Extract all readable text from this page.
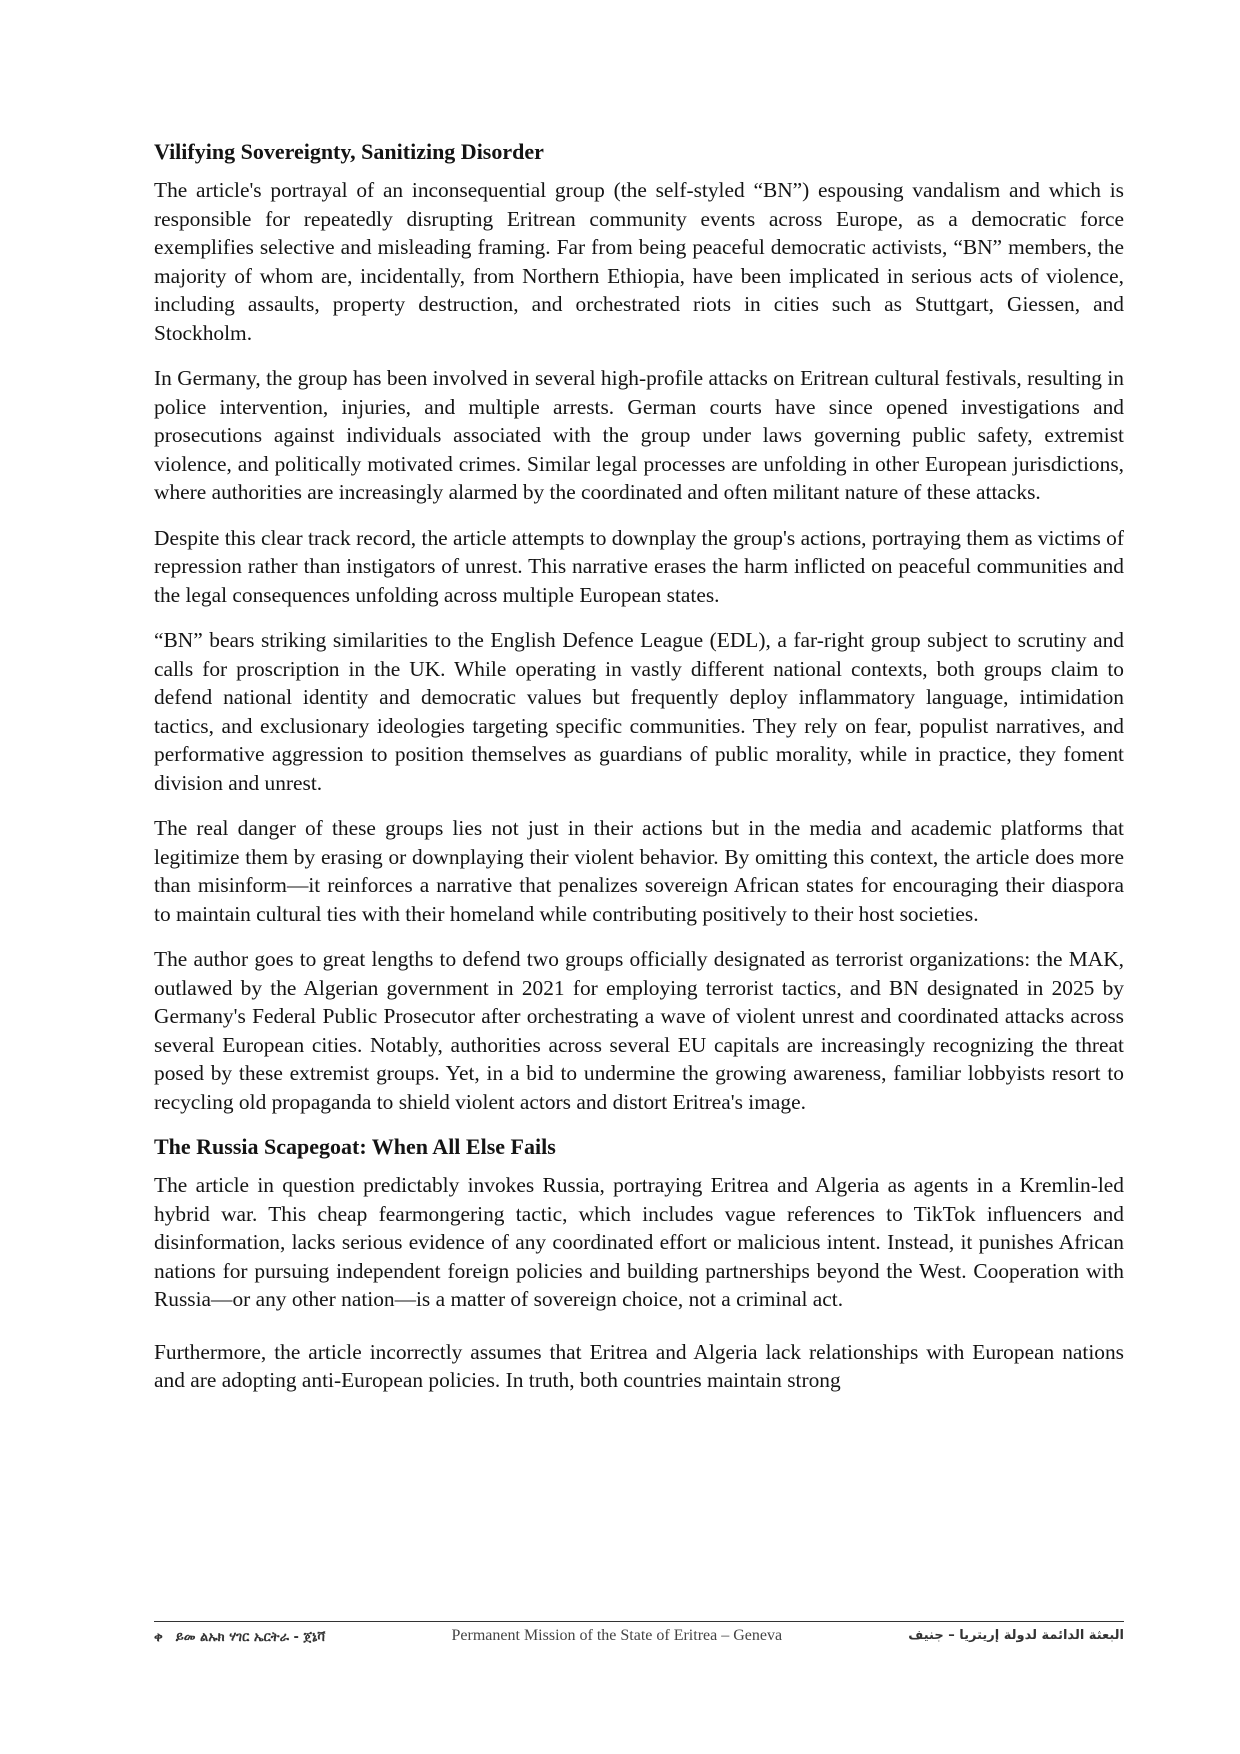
Vilifying Sovereignty, Sanitizing Disorder

The article's portrayal of an inconsequential group (the self-styled “BN”) espousing vandalism and which is responsible for repeatedly disrupting Eritrean community events across Europe, as a democratic force exemplifies selective and misleading framing. Far from being peaceful democratic activists, “BN” members, the majority of whom are, incidentally, from Northern Ethiopia, have been implicated in serious acts of violence, including assaults, property destruction, and orchestrated riots in cities such as Stuttgart, Giessen, and Stockholm.

In Germany, the group has been involved in several high-profile attacks on Eritrean cultural festivals, resulting in police intervention, injuries, and multiple arrests. German courts have since opened investigations and prosecutions against individuals associated with the group under laws governing public safety, extremist violence, and politically motivated crimes. Similar legal processes are unfolding in other European jurisdictions, where authorities are increasingly alarmed by the coordinated and often militant nature of these attacks.

Despite this clear track record, the article attempts to downplay the group's actions, portraying them as victims of repression rather than instigators of unrest. This narrative erases the harm inflicted on peaceful communities and the legal consequences unfolding across multiple European states.

“BN” bears striking similarities to the English Defence League (EDL), a far-right group subject to scrutiny and calls for proscription in the UK. While operating in vastly different national contexts, both groups claim to defend national identity and democratic values but frequently deploy inflammatory language, intimidation tactics, and exclusionary ideologies targeting specific communities. They rely on fear, populist narratives, and performative aggression to position themselves as guardians of public morality, while in practice, they foment division and unrest.

The real danger of these groups lies not just in their actions but in the media and academic platforms that legitimize them by erasing or downplaying their violent behavior. By omitting this context, the article does more than misinform—it reinforces a narrative that penalizes sovereign African states for encouraging their diaspora to maintain cultural ties with their homeland while contributing positively to their host societies.

The author goes to great lengths to defend two groups officially designated as terrorist organizations: the MAK, outlawed by the Algerian government in 2021 for employing terrorist tactics, and BN designated in 2025 by Germany's Federal Public Prosecutor after orchestrating a wave of violent unrest and coordinated attacks across several European cities. Notably, authorities across several EU capitals are increasingly recognizing the threat posed by these extremist groups. Yet, in a bid to undermine the growing awareness, familiar lobbyists resort to recycling old propaganda to shield violent actors and distort Eritrea's image.

The Russia Scapegoat: When All Else Fails

The article in question predictably invokes Russia, portraying Eritrea and Algeria as agents in a Kremlin-led hybrid war. This cheap fearmongering tactic, which includes vague references to TikTok influencers and disinformation, lacks serious evidence of any coordinated effort or malicious intent. Instead, it punishes African nations for pursuing independent foreign policies and building partnerships beyond the West. Cooperation with Russia—or any other nation—is a matter of sovereign choice, not a criminal act.

Furthermore, the article incorrectly assumes that Eritrea and Algeria lack relationships with European nations and are adopting anti-European policies. In truth, both countries maintain strong

ቀ　ይመ ልኡክ ሃገር ኤርትራ - ጀኔቫ	Permanent Mission of the State of Eritrea – Geneva	البعثة الدائمة لدولة إريتريا – جنيف
